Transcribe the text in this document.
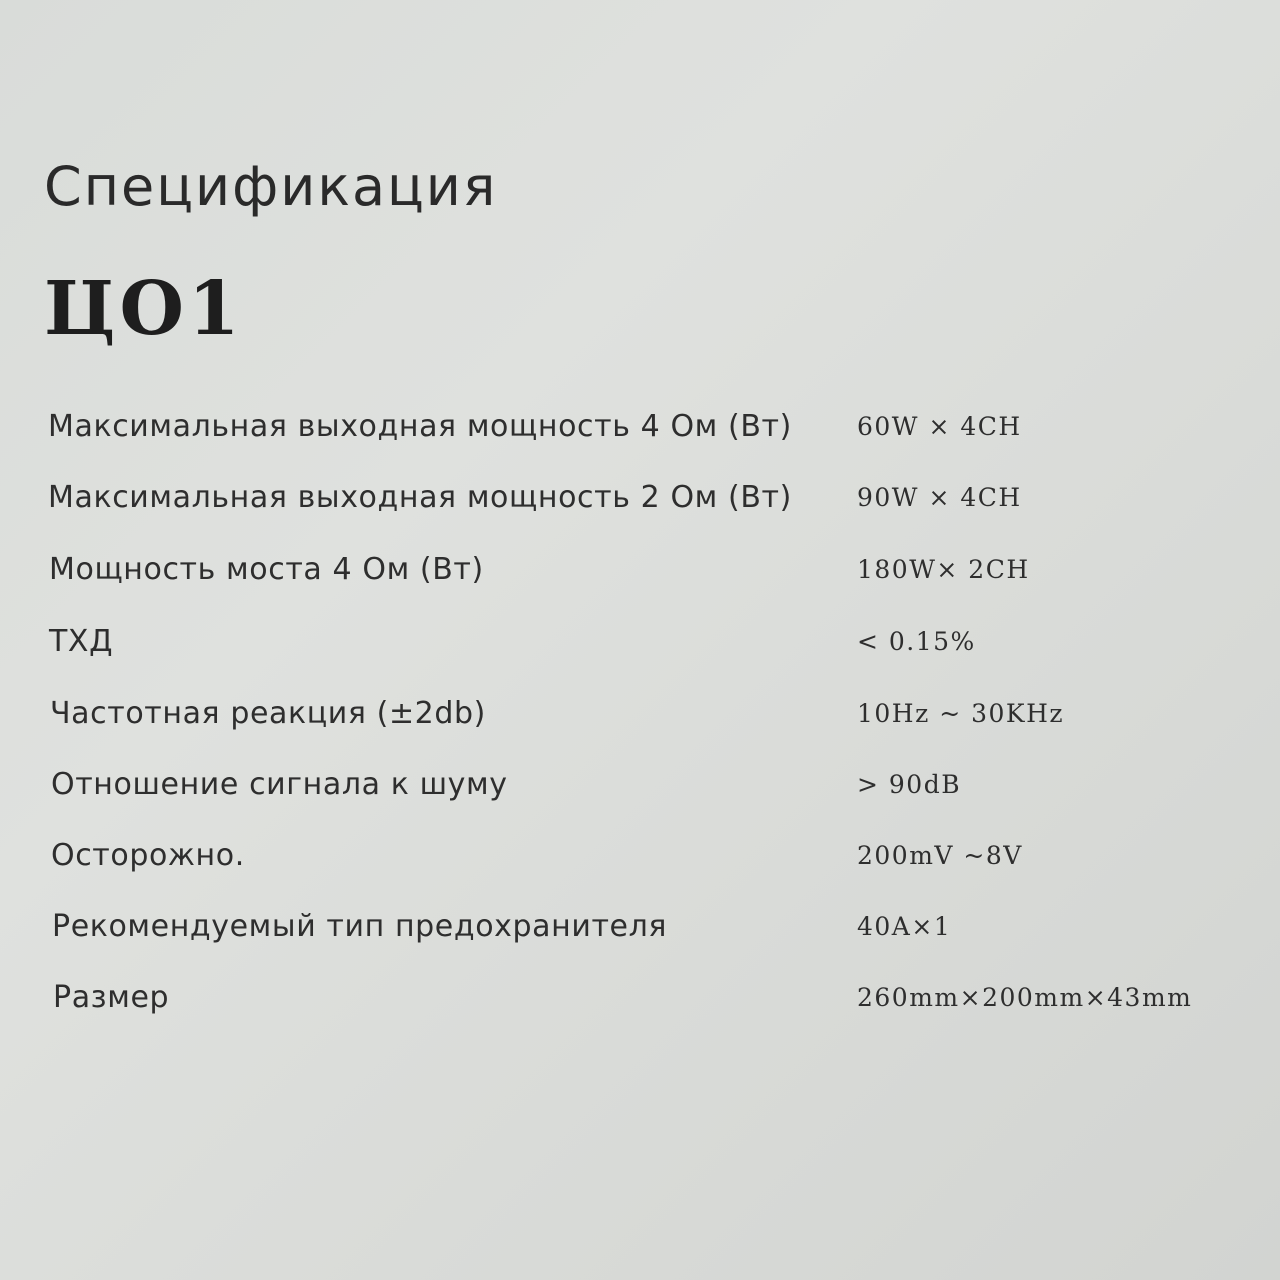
Спецификация
ЦО1
Максимальная выходная мощность 4 Ом (Вт)	60W × 4CH
Максимальная выходная мощность 2 Ом (Вт)	90W × 4CH
Мощность моста 4 Ом (Вт)	180W× 2CH
ТХД	< 0.15%
Частотная реакция (±2db)	10Hz ~ 30KHz
Отношение сигнала к шуму	> 90dB
Осторожно.	200mV ~8V
Рекомендуемый тип предохранителя	40A×1
Размер	260mm×200mm×43mm
